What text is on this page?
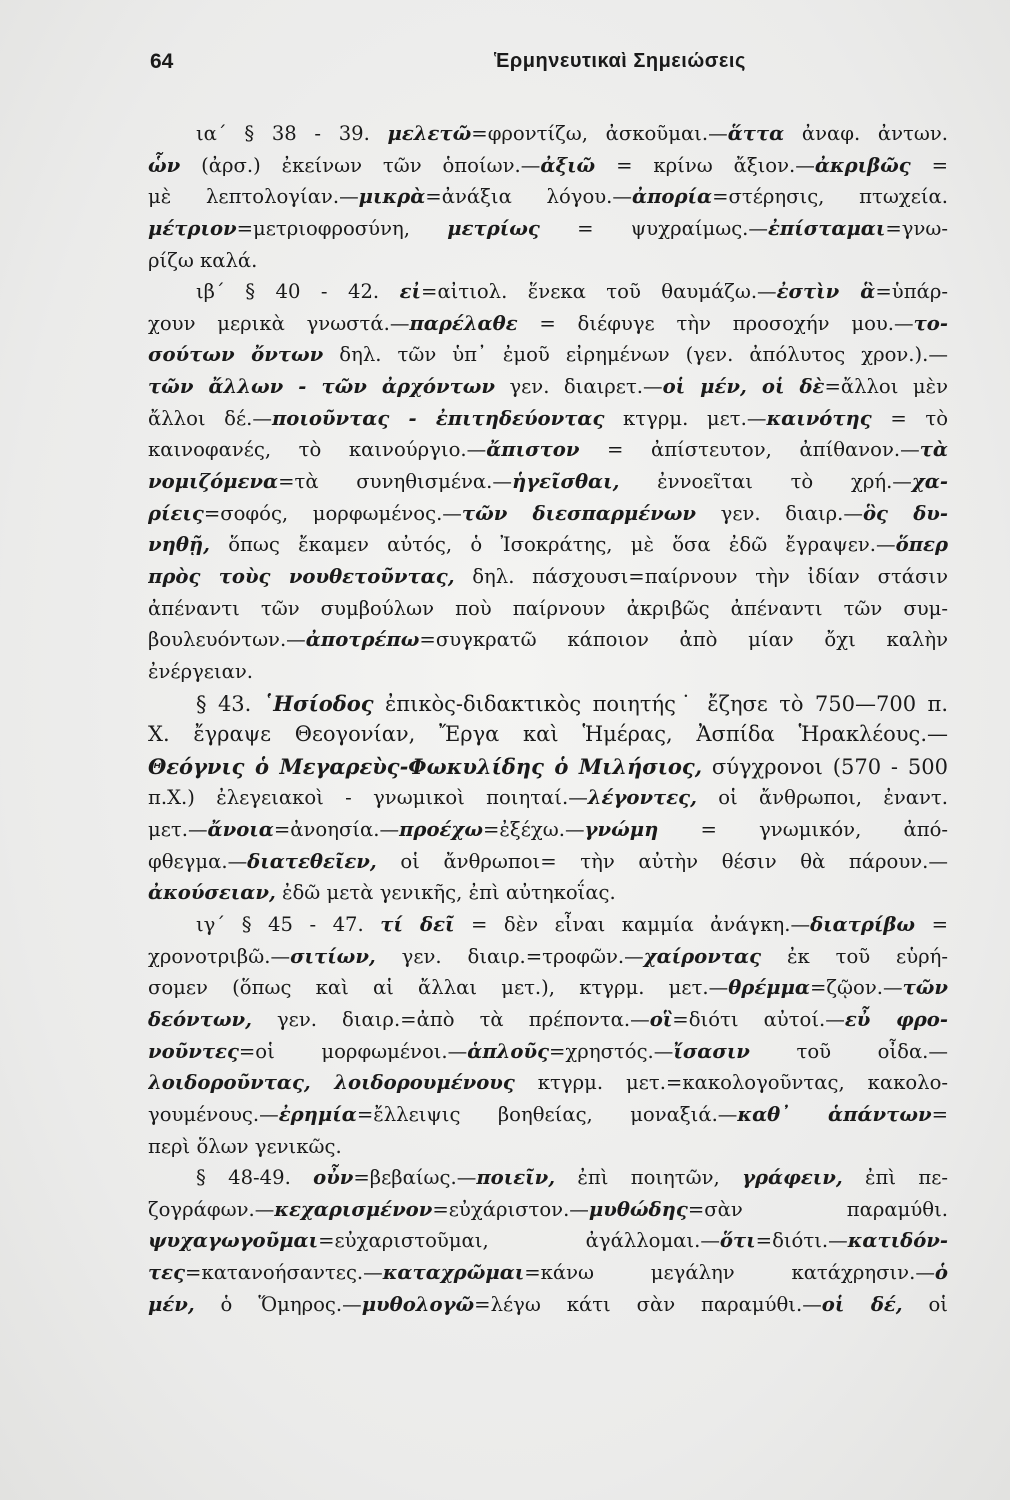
64	Ἑρμηνευτικαὶ Σημειώσεις
ια΄ § 38 - 39. μελετῶ=φροντίζω, ἀσκοῦμαι.—ἅττα ἀναφ. ἀντων.
ὧν (ἀρσ.) ἐκείνων τῶν ὁποίων.—ἀξιῶ = κρίνω ἄξιον.—ἀκριβῶς =
μὲ λεπτολογίαν.—μικρὰ=ἀνάξια λόγου.—ἀπορία=στέρησις, πτωχεία.
μέτριον=μετριοφροσύνη, μετρίως = ψυχραίμως.—ἐπίσταμαι=γνω-
ρίζω καλά.
ιβ΄ § 40 - 42. εἰ=αἰτιολ. ἕνεκα τοῦ θαυμάζω.—ἐστὶν ἃ=ὑπάρ-
χουν μερικὰ γνωστά.—παρέλαθε = διέφυγε τὴν προσοχήν μου.—το-
σούτων ὄντων δηλ. τῶν ὑπ᾽ ἐμοῦ εἰρημένων (γεν. ἀπόλυτος χρον.).—
τῶν ἄλλων - τῶν ἀρχόντων γεν. διαιρετ.—οἱ μέν, οἱ δὲ=ἄλλοι μὲν
ἄλλοι δέ.—ποιοῦντας - ἐπιτηδεύοντας κτγρμ. μετ.—καινότης = τὸ
καινοφανές, τὸ καινούργιο.—ἄπιστον = ἀπίστευτον, ἀπίθανον.—τὰ
νομιζόμενα=τὰ συνηθισμένα.—ἡγεῖσθαι, ἐννοεῖται τὸ χρή.—χα-
ρίεις=σοφός, μορφωμένος.—τῶν διεσπαρμένων γεν. διαιρ.—ὃς δυ-
νηθῇ, ὅπως ἔκαμεν αὐτός, ὁ Ἰσοκράτης, μὲ ὅσα ἐδῶ ἔγραψεν.—ὅπερ
πρὸς τοὺς νουθετοῦντας, δηλ. πάσχουσι=παίρνουν τὴν ἰδίαν στάσιν
ἀπέναντι τῶν συμβούλων ποὺ παίρνουν ἀκριβῶς ἀπέναντι τῶν συμ-
βουλευόντων.—ἀποτρέπω=συγκρατῶ κάποιον ἀπὸ μίαν ὄχι καλὴν
ἐνέργειαν.
§ 43. ῾Ησίοδος ἐπικὸς-διδακτικὸς ποιητής˙ ἔζησε τὸ 750—700 π.
Χ. ἔγραψε Θεογονίαν, Ἔργα καὶ Ἡμέρας, Ἀσπίδα Ἡρακλέους.—
Θεόγνις ὁ Μεγαρεὺς-Φωκυλίδης ὁ Μιλήσιος, σύγχρονοι (570 - 500
π.Χ.) ἐλεγειακοὶ - γνωμικοὶ ποιηταί.—λέγοντες, οἱ ἄνθρωποι, ἐναντ.
μετ.—ἄνοια=ἀνοησία.—προέχω=ἐξέχω.—γνώμη = γνωμικόν, ἀπό-
φθεγμα.—διατεθεῖεν, οἱ ἄνθρωποι= τὴν αὐτὴν θέσιν θὰ πάρουν.—
ἀκούσειαν, ἐδῶ μετὰ γενικῆς, ἐπὶ αὐτηκοΐας.
ιγ΄ § 45 - 47. τί δεῖ = δὲν εἶναι καμμία ἀνάγκη.—διατρίβω =
χρονοτριβῶ.—σιτίων, γεν. διαιρ.=τροφῶν.—χαίροντας ἐκ τοῦ εὑρή-
σομεν (ὅπως καὶ αἱ ἄλλαι μετ.), κτγρμ. μετ.—θρέμμα=ζῷον.—τῶν
δεόντων, γεν. διαιρ.=ἀπὸ τὰ πρέποντα.—οἳ=διότι αὐτοί.—εὖ φρο-
νοῦντες=οἱ μορφωμένοι.—ἁπλοῦς=χρηστός.—ἴσασιν τοῦ οἶδα.—
λοιδοροῦντας, λοιδορουμένους κτγρμ. μετ.=κακολογοῦντας, κακολο-
γουμένους.—ἐρημία=ἔλλειψις βοηθείας, μοναξιά.—καθ᾽ ἁπάντων=
περὶ ὅλων γενικῶς.
§ 48-49. οὖν=βεβαίως.—ποιεῖν, ἐπὶ ποιητῶν, γράφειν, ἐπὶ πε-
ζογράφων.—κεχαρισμένον=εὐχάριστον.—μυθώδης=σὰν παραμύθι.
ψυχαγωγοῦμαι=εὐχαριστοῦμαι, ἀγάλλομαι.—ὅτι=διότι.—κατιδόν-
τες=κατανοήσαντες.—καταχρῶμαι=κάνω μεγάλην κατάχρησιν.—ὁ
μέν, ὁ Ὅμηρος.—μυθολογῶ=λέγω κάτι σὰν παραμύθι.—οἱ δέ, οἱ
